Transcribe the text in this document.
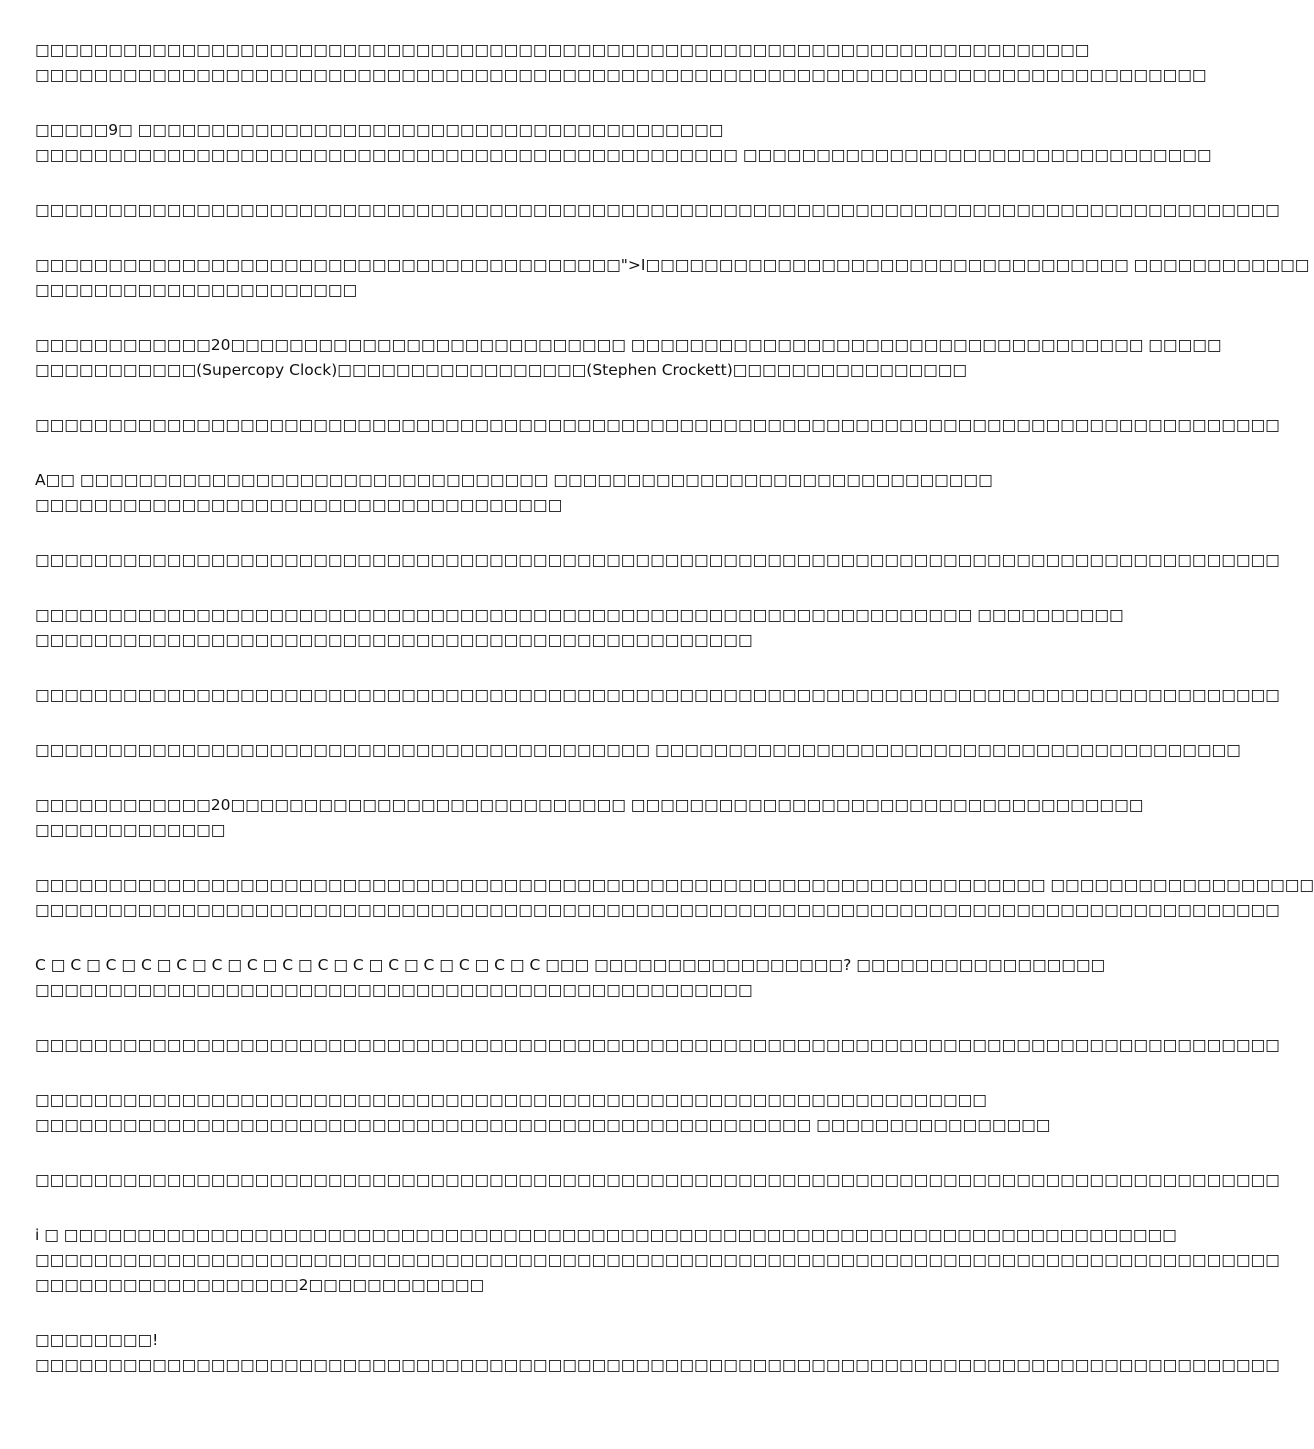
□□□□□□□□□□□□□□□□□□□□□□□□□□□□□□□□□□□□□□□□□□□□□□□□□□□□□□□□□□□□□□□□□□□□□□□□
□□□□□□□□□□□□□□□□□□□□□□□□□□□□□□□□□□□□□□□□□□□□□□□□□□□□□□□□□□□□□□□□□□□□□□□□□□□□□□□□
□□□□□9□ □□□□□□□□□□□□□□□□□□□□□□□□□□□□□□□□□□□□□□□□
□□□□□□□□□□□□□□□□□□□□□□□□□□□□□□□□□□□□□□□□□□□□□□□□ □□□□□□□□□□□□□□□□□□□□□□□□□□□□□□□□
□□□□□□□□□□□□□□□□□□□□□□□□□□□□□□□□□□□□□□□□□□□□□□□□□□□□□□□□□□□□□□□□□□□□□□□□□□□□□□□□□□□□□
□□□□□□□□□□□□□□□□□□□□□□□□□□□□□□□□□□□□□□□□">I□□□□□□□□□□□□□□□□□□□□□□□□□□□□□□□□□ □□□□□□□□□□□□
□□□□□□□□□□□□□□□□□□□□□□
□□□□□□□□□□□□20□□□□□□□□□□□□□□□□□□□□□□□□□□□ □□□□□□□□□□□□□□□□□□□□□□□□□□□□□□□□□□□ □□□□□
□□□□□□□□□□□(Supercopy Clock)□□□□□□□□□□□□□□□□□(Stephen Crockett)□□□□□□□□□□□□□□□□
□□□□□□□□□□□□□□□□□□□□□□□□□□□□□□□□□□□□□□□□□□□□□□□□□□□□□□□□□□□□□□□□□□□□□□□□□□□□□□□□□□□□□
A□□ □□□□□□□□□□□□□□□□□□□□□□□□□□□□□□□□ □□□□□□□□□□□□□□□□□□□□□□□□□□□□□□
□□□□□□□□□□□□□□□□□□□□□□□□□□□□□□□□□□□□
□□□□□□□□□□□□□□□□□□□□□□□□□□□□□□□□□□□□□□□□□□□□□□□□□□□□□□□□□□□□□□□□□□□□□□□□□□□□□□□□□□□□□
□□□□□□□□□□□□□□□□□□□□□□□□□□□□□□□□□□□□□□□□□□□□□□□□□□□□□□□□□□□□□□□□ □□□□□□□□□□
□□□□□□□□□□□□□□□□□□□□□□□□□□□□□□□□□□□□□□□□□□□□□□□□□
□□□□□□□□□□□□□□□□□□□□□□□□□□□□□□□□□□□□□□□□□□□□□□□□□□□□□□□□□□□□□□□□□□□□□□□□□□□□□□□□□□□□□
□□□□□□□□□□□□□□□□□□□□□□□□□□□□□□□□□□□□□□□□□□ □□□□□□□□□□□□□□□□□□□□□□□□□□□□□□□□□□□□□□□□
□□□□□□□□□□□□20□□□□□□□□□□□□□□□□□□□□□□□□□□□ □□□□□□□□□□□□□□□□□□□□□□□□□□□□□□□□□□□
□□□□□□□□□□□□□
□□□□□□□□□□□□□□□□□□□□□□□□□□□□□□□□□□□□□□□□□□□□□□□□□□□□□□□□□□□□□□□□□□□□□ □□□□□□□□□□□□□□□□□□
□□□□□□□□□□□□□□□□□□□□□□□□□□□□□□□□□□□□□□□□□□□□□□□□□□□□□□□□□□□□□□□□□□□□□□□□□□□□□□□□□□□□□
C □ C □ C □ C □ C □ C □ C □ C □ C □ C □ C □ C □ C □ C □ C □□□ □□□□□□□□□□□□□□□□□? □□□□□□□□□□□□□□□□□
□□□□□□□□□□□□□□□□□□□□□□□□□□□□□□□□□□□□□□□□□□□□□□□□□
□□□□□□□□□□□□□□□□□□□□□□□□□□□□□□□□□□□□□□□□□□□□□□□□□□□□□□□□□□□□□□□□□□□□□□□□□□□□□□□□□□□□□
□□□□□□□□□□□□□□□□□□□□□□□□□□□□□□□□□□□□□□□□□□□□□□□□□□□□□□□□□□□□□□□□□
□□□□□□□□□□□□□□□□□□□□□□□□□□□□□□□□□□□□□□□□□□□□□□□□□□□□□ □□□□□□□□□□□□□□□□
□□□□□□□□□□□□□□□□□□□□□□□□□□□□□□□□□□□□□□□□□□□□□□□□□□□□□□□□□□□□□□□□□□□□□□□□□□□□□□□□□□□□□
i □ □□□□□□□□□□□□□□□□□□□□□□□□□□□□□□□□□□□□□□□□□□□□□□□□□□□□□□□□□□□□□□□□□□□□□□□□□□□□
□□□□□□□□□□□□□□□□□□□□□□□□□□□□□□□□□□□□□□□□□□□□□□□□□□□□□□□□□□□□□□□□□□□□□□□□□□□□□□□□□□□□□
□□□□□□□□□□□□□□□□□□2□□□□□□□□□□□□
□□□□□□□□!
□□□□□□□□□□□□□□□□□□□□□□□□□□□□□□□□□□□□□□□□□□□□□□□□□□□□□□□□□□□□□□□□□□□□□□□□□□□□□□□□□□□□□
